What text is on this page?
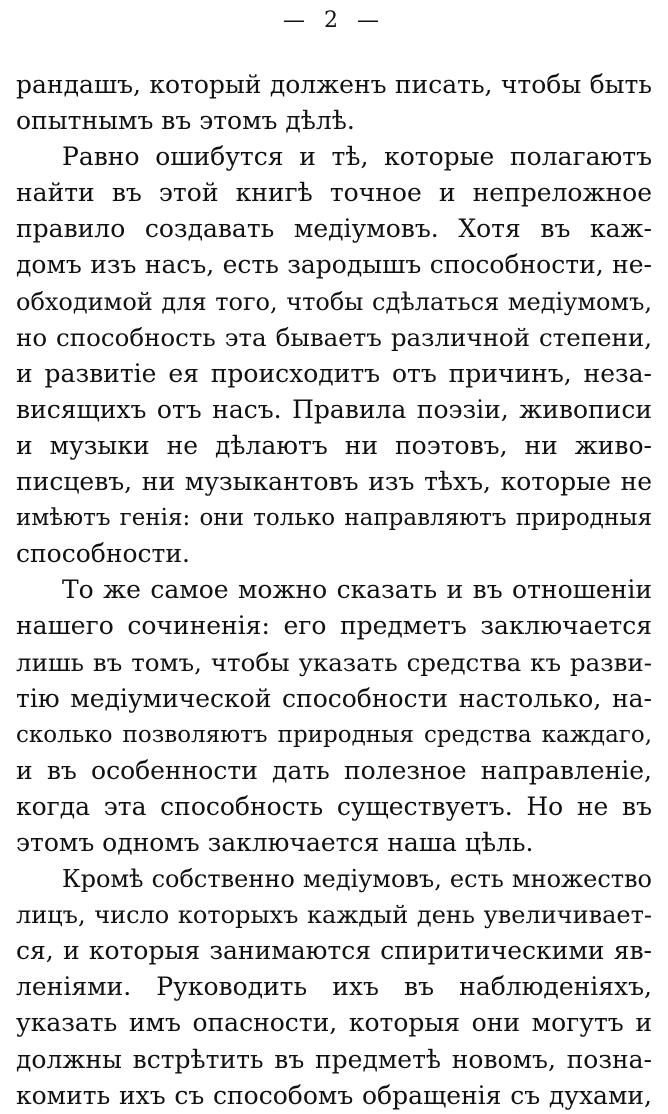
— 2 —
рандашъ, который долженъ писать, чтобы быть
опытнымъ въ этомъ дѣлѣ.
Равно ошибутся и тѣ, которые полагаютъ
найти въ этой книгѣ точное и непреложное
правило создавать медіумовъ. Хотя въ каж-
домъ изъ насъ, есть зародышъ способности, не-
обходимой для того, чтобы сдѣлаться медіумомъ,
но способность эта бываетъ различной степени,
и развитіе ея происходитъ отъ причинъ, неза-
висящихъ отъ насъ. Правила поэзіи, живописи
и музыки не дѣлаютъ ни поэтовъ, ни живо-
писцевъ, ни музыкантовъ изъ тѣхъ, которые не
имѣютъ генія: они только направляютъ природныя
способности.
То же самое можно сказать и въ отношеніи
нашего сочиненія: его предметъ заключается
лишь въ томъ, чтобы указать средства къ разви-
тію медіумической способности настолько, на-
сколько позволяютъ природныя средства каждаго,
и въ особенности дать полезное направленіе,
когда эта способность существуетъ. Но не въ
этомъ одномъ заключается наша цѣль.
Кромѣ собственно медіумовъ, есть множество
лицъ, число которыхъ каждый день увеличивает-
ся, и которыя занимаются спиритическими яв-
леніями. Руководить ихъ въ наблюденіяхъ,
указать имъ опасности, которыя они могутъ и
должны встрѣтить въ предметѣ новомъ, позна-
комить ихъ съ способомъ обращенія съ духами,
